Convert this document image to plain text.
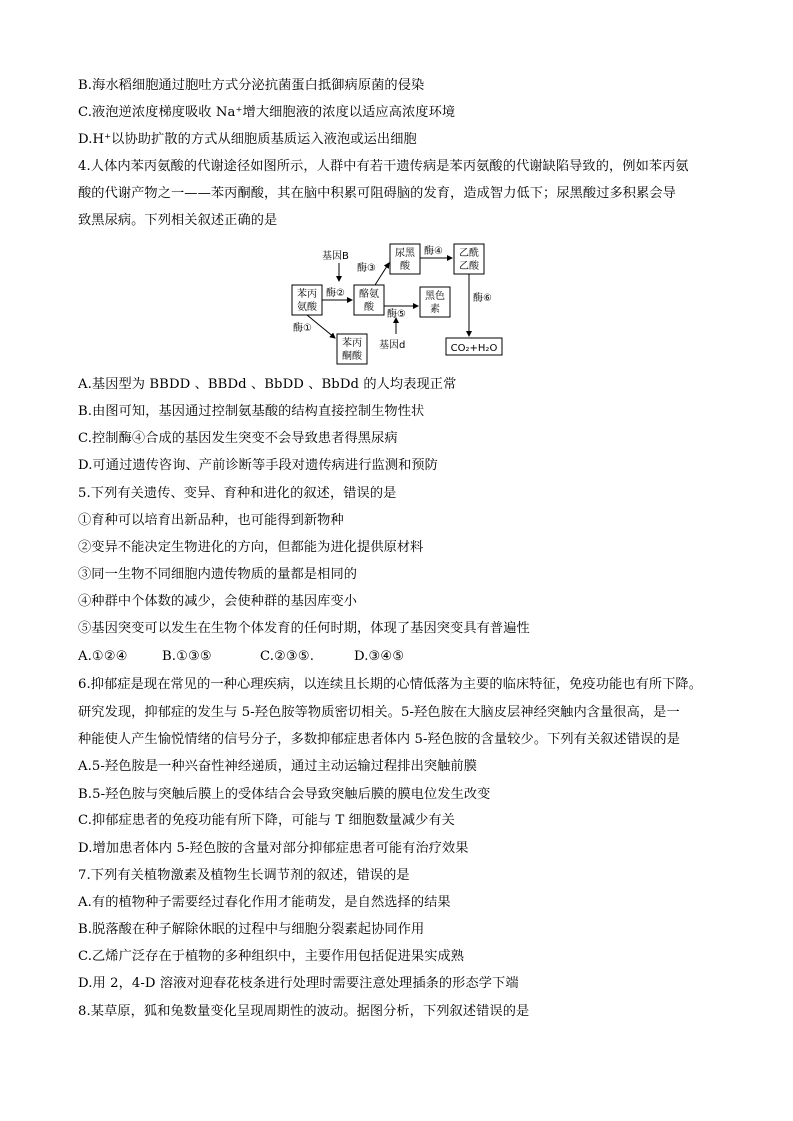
B.海水稻细胞通过胞吐方式分泌抗菌蛋白抵御病原菌的侵染
C.液泡逆浓度梯度吸收 Na⁺增大细胞液的浓度以适应高浓度环境
D.H⁺以协助扩散的方式从细胞质基质运入液泡或运出细胞
4.人体内苯丙氨酸的代谢途径如图所示，人群中有若干遗传病是苯丙氨酸的代谢缺陷导致的，例如苯丙氨
酸的代谢产物之一——苯丙酮酸，其在脑中积累可阻碍脑的发育，造成智力低下；尿黑酸过多积累会导
致黑尿病。下列相关叙述正确的是
基因B
苯丙
氨酸
酶② 酪氨
酸
酶③
尿黑
酸
酶④ 乙酰
乙酸
酶⑥
CO₂+H₂O
酶⑤
黑色
素
基因d
酶①
苯丙
酮酸
A.基因型为 BBDD 、BBDd 、BbDD 、BbDd 的人均表现正常
B.由图可知，基因通过控制氨基酸的结构直接控制生物性状
C.控制酶④合成的基因发生突变不会导致患者得黑尿病
D.可通过遗传咨询、产前诊断等手段对遗传病进行监测和预防
5.下列有关遗传、变异、育种和进化的叙述，错误的是
①育种可以培育出新品种，也可能得到新物种
②变异不能决定生物进化的方向，但都能为进化提供原材料
③同一生物不同细胞内遗传物质的量都是相同的
④种群中个体数的减少，会使种群的基因库变小
⑤基因突变可以发生在生物个体发育的任何时期，体现了基因突变具有普遍性
A.①②④	B.①③⑤	C.②③⑤.	D.③④⑤
6.抑郁症是现在常见的一种心理疾病，以连续且长期的心情低落为主要的临床特征，免疫功能也有所下降。
研究发现，抑郁症的发生与 5-羟色胺等物质密切相关。5-羟色胺在大脑皮层神经突触内含量很高，是一
种能使人产生愉悦情绪的信号分子，多数抑郁症患者体内 5-羟色胺的含量较少。下列有关叙述错误的是
A.5-羟色胺是一种兴奋性神经递质，通过主动运输过程排出突触前膜
B.5-羟色胺与突触后膜上的受体结合会导致突触后膜的膜电位发生改变
C.抑郁症患者的免疫功能有所下降，可能与 T 细胞数量减少有关
D.增加患者体内 5-羟色胺的含量对部分抑郁症患者可能有治疗效果
7.下列有关植物激素及植物生长调节剂的叙述，错误的是
A.有的植物种子需要经过春化作用才能萌发，是自然选择的结果
B.脱落酸在种子解除休眠的过程中与细胞分裂素起协同作用
C.乙烯广泛存在于植物的多种组织中，主要作用包括促进果实成熟
D.用 2，4-D 溶液对迎春花枝条进行处理时需要注意处理插条的形态学下端
8.某草原，狐和兔数量变化呈现周期性的波动。据图分析，下列叙述错误的是
